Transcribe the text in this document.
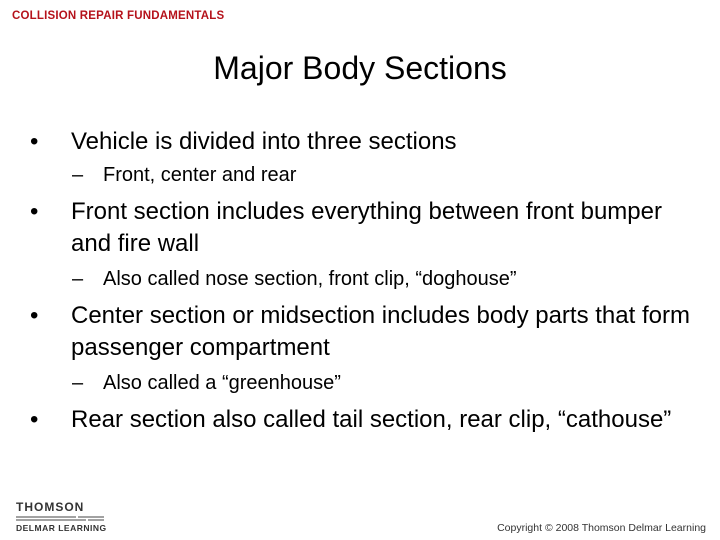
COLLISION REPAIR FUNDAMENTALS
Major Body Sections
•	Vehicle is divided into three sections
– Front, center and rear
•	Front section includes everything between front bumper and fire wall
– Also called nose section, front clip, “doghouse”
•	Center section or midsection includes body parts that form passenger compartment
– Also called a “greenhouse”
•	Rear section also called tail section, rear clip, “cathouse”
THOMSON
DELMAR LEARNING	Copyright © 2008 Thomson Delmar Learning
